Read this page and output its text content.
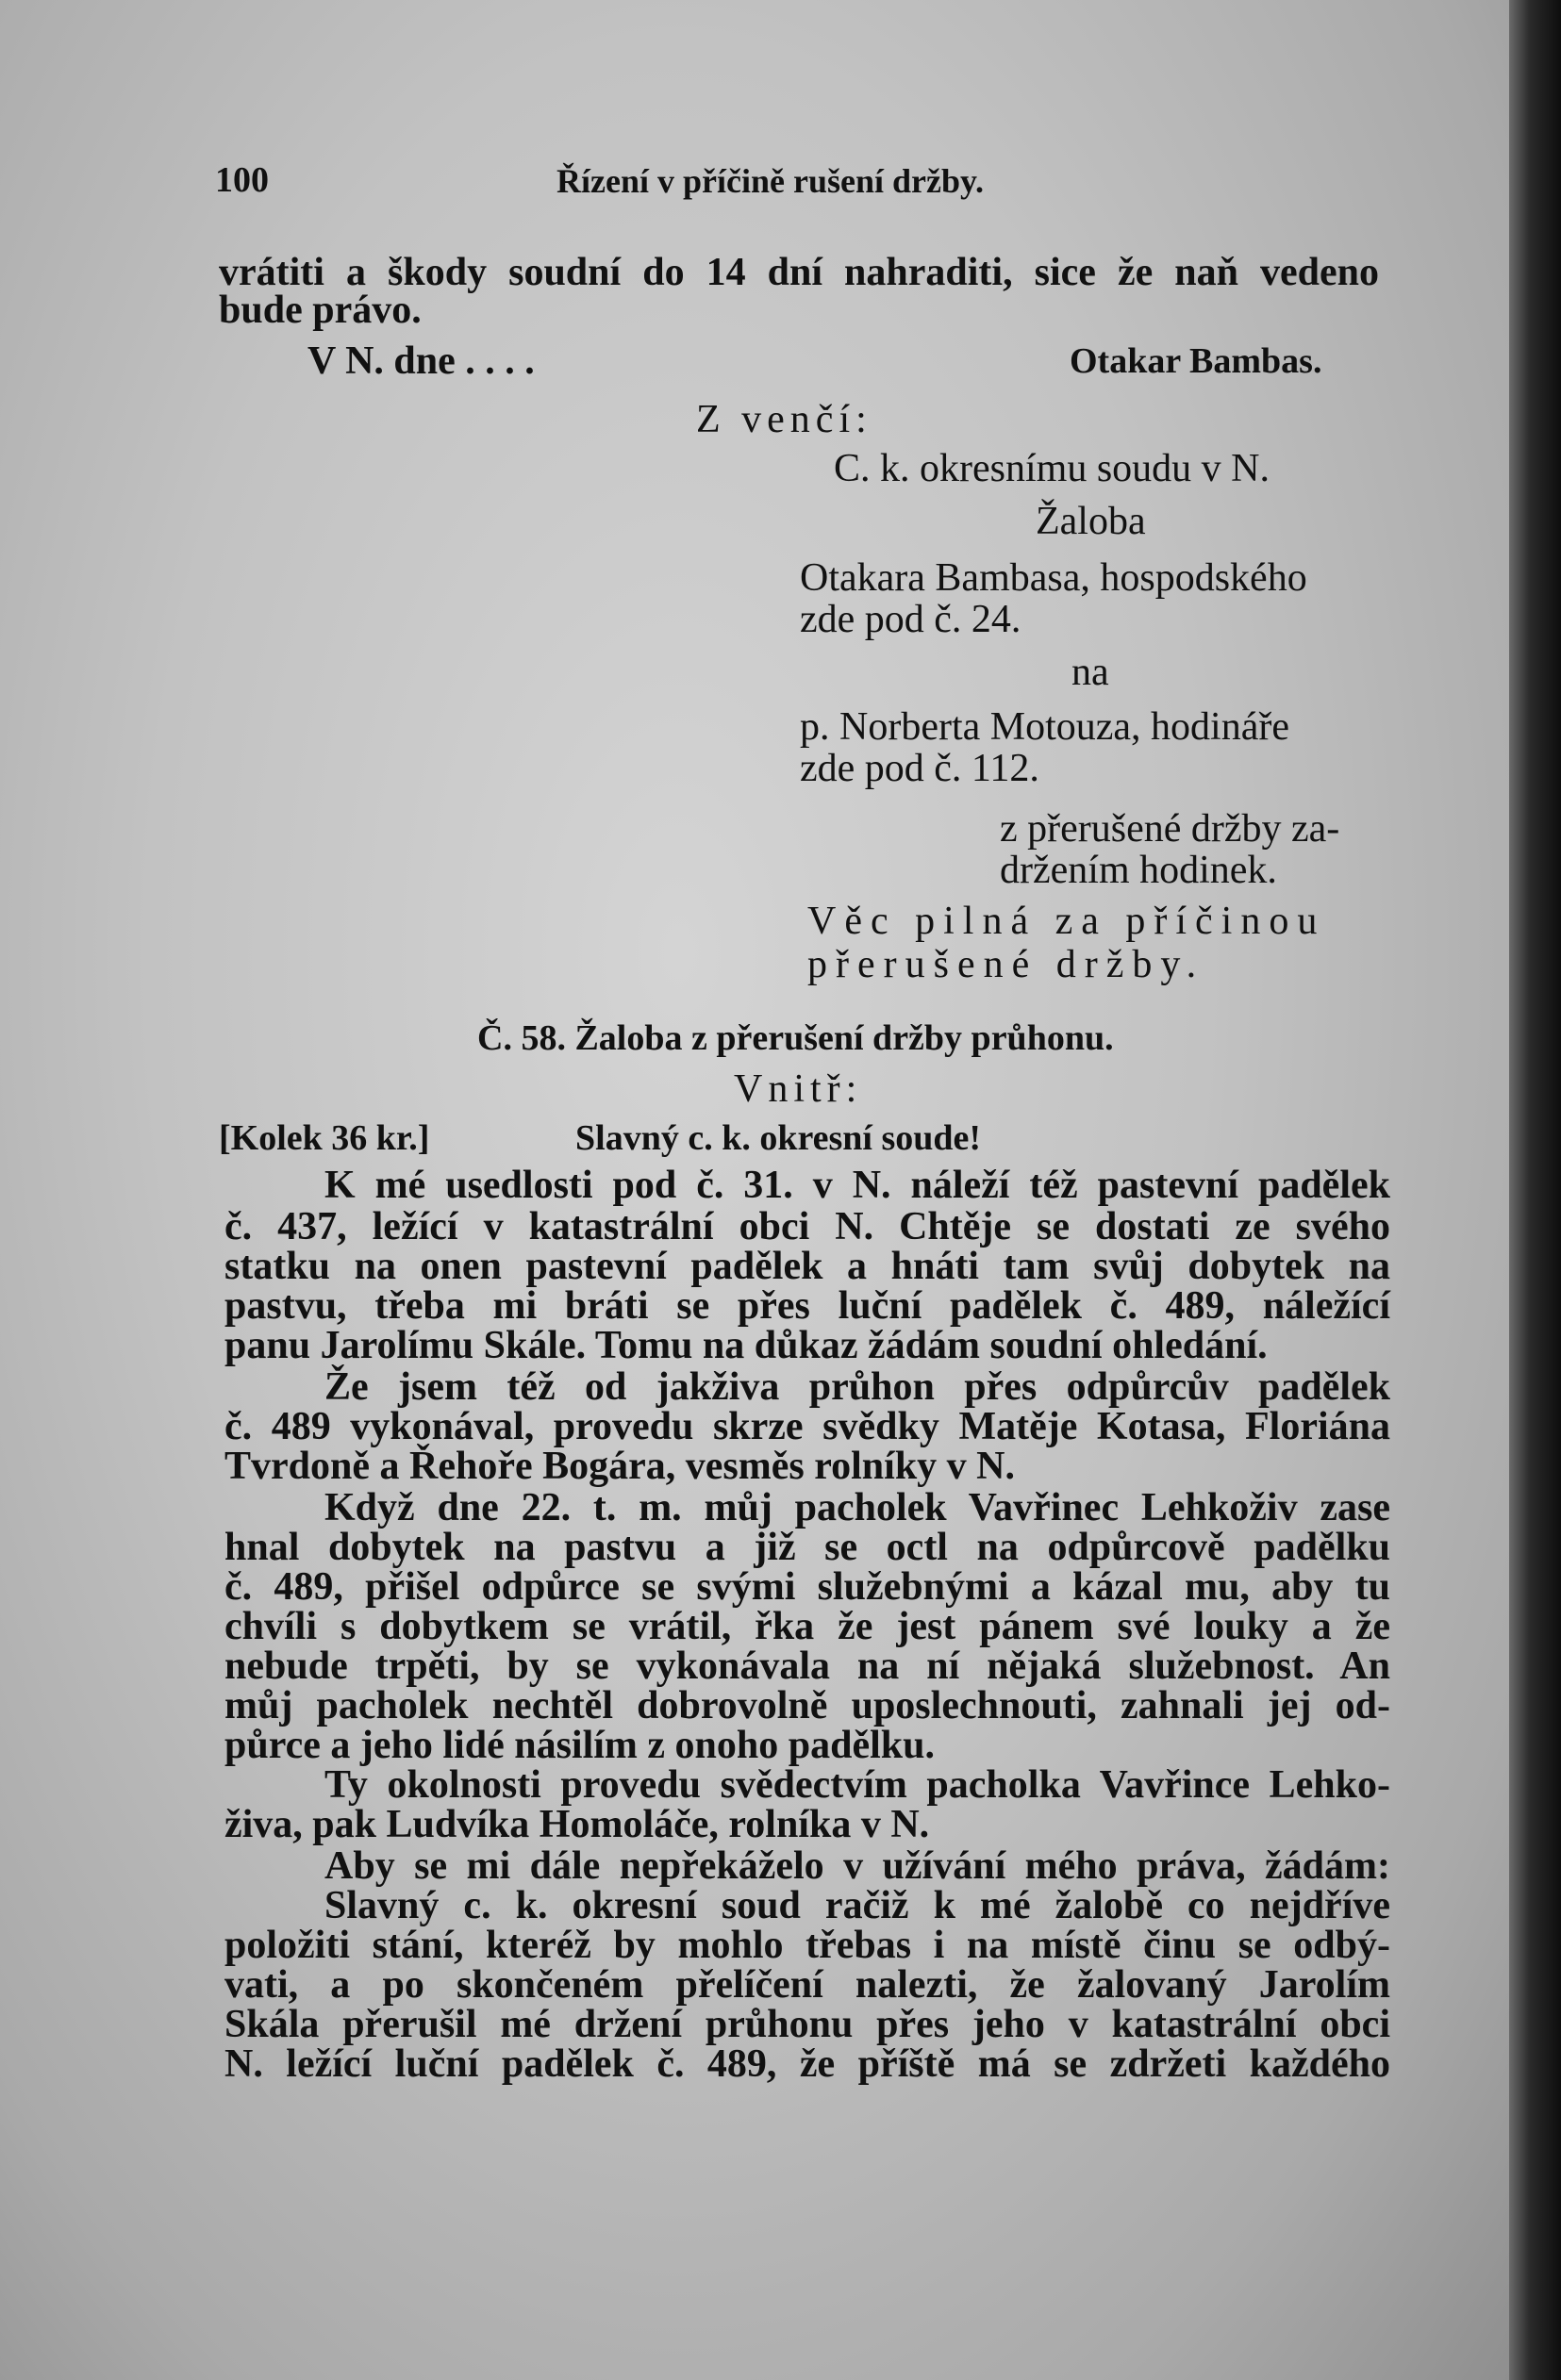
100	Řízení v příčině rušení držby.

vrátiti a škody soudní do 14 dní nahraditi, sice že naň vedeno

bude právo.

V N. dne . . . .	Otakar Bambas.

Z venčí:

C. k. okresnímu soudu v N.

Žaloba

Otakara Bambasa, hospodského

zde pod č. 24.

na

p. Norberta Motouza, hodináře

zde pod č. 112.

z přerušené držby za-

držením hodinek.

Věc pilná za příčinou

přerušené držby.

Č. 58. Žaloba z přerušení držby průhonu.

Vnitř:

[Kolek 36 kr.]	Slavný c. k. okresní soude!

K mé usedlosti pod č. 31. v N. náleží též pastevní padělek

č. 437, ležící v katastrální obci N. Chtěje se dostati ze svého

statku na onen pastevní padělek a hnáti tam svůj dobytek na

pastvu, třeba mi bráti se přes luční padělek č. 489, náležící

panu Jarolímu Skále. Tomu na důkaz žádám soudní ohledání.

Že jsem též od jakživa průhon přes odpůrcův padělek

č. 489 vykonával, provedu skrze svědky Matěje Kotasa, Floriána

Tvrdoně a Řehoře Bogára, vesměs rolníky v N.

Když dne 22. t. m. můj pacholek Vavřinec Lehkoživ zase

hnal dobytek na pastvu a již se octl na odpůrcově padělku

č. 489, přišel odpůrce se svými služebnými a kázal mu, aby tu

chvíli s dobytkem se vrátil, řka že jest pánem své louky a že

nebude trpěti, by se vykonávala na ní nějaká služebnost. An

můj pacholek nechtěl dobrovolně uposlechnouti, zahnali jej od-

půrce a jeho lidé násilím z onoho padělku.

Ty okolnosti provedu svědectvím pacholka Vavřince Lehko-

živa, pak Ludvíka Homoláče, rolníka v N.

Aby se mi dále nepřekáželo v užívání mého práva, žádám:

Slavný c. k. okresní soud račiž k mé žalobě co nejdříve

položiti stání, kteréž by mohlo třebas i na místě činu se odbý-

vati, a po skončeném přelíčení nalezti, že žalovaný Jarolím

Skála přerušil mé držení průhonu přes jeho v katastrální obci

N. ležící luční padělek č. 489, že příště má se zdržeti každého
